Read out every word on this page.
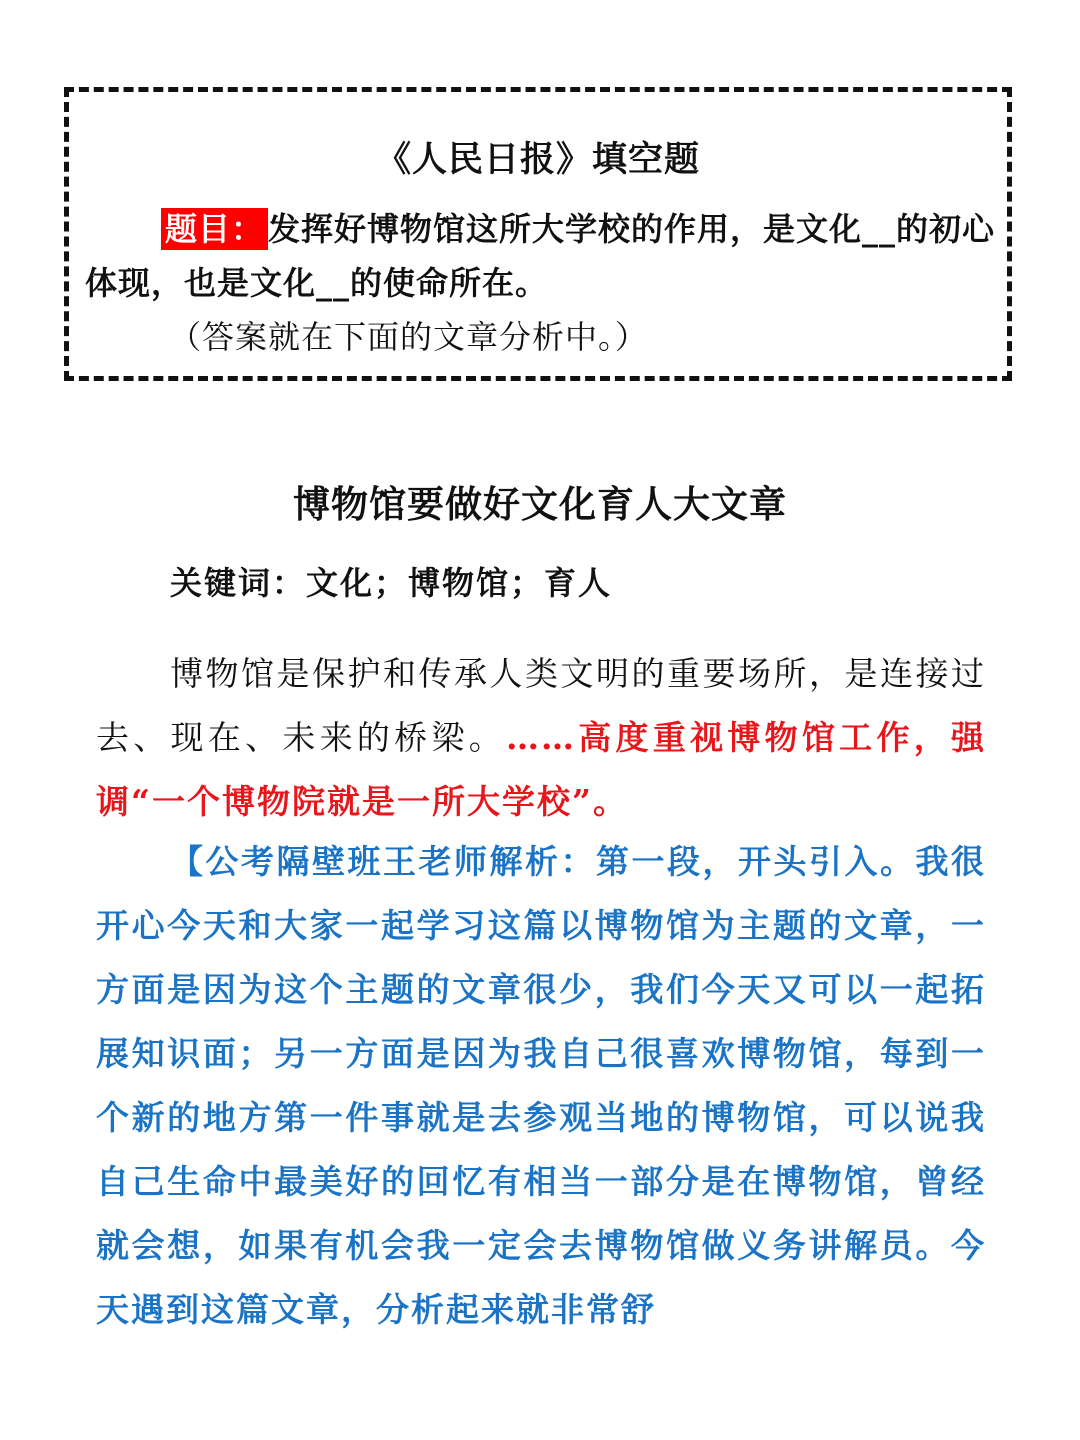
《人民日报》填空题
题目： 发挥好博物馆这所大学校的作用，是文化__的初心体现，也是文化__的使命所在。
（答案就在下面的文章分析中。）
博物馆要做好文化育人大文章
关键词：文化；博物馆；育人
博物馆是保护和传承人类文明的重要场所，是连接过去、现在、未来的桥梁。……高度重视博物馆工作，强调“一个博物院就是一所大学校”。
【公考隔壁班王老师解析：第一段，开头引入。我很开心今天和大家一起学习这篇以博物馆为主题的文章，一方面是因为这个主题的文章很少，我们今天又可以一起拓展知识面；另一方面是因为我自己很喜欢博物馆，每到一个新的地方第一件事就是去参观当地的博物馆，可以说我自己生命中最美好的回忆有相当一部分是在博物馆，曾经就会想，如果有机会我一定会去博物馆做义务讲解员。今天遇到这篇文章，分析起来就非常舒
